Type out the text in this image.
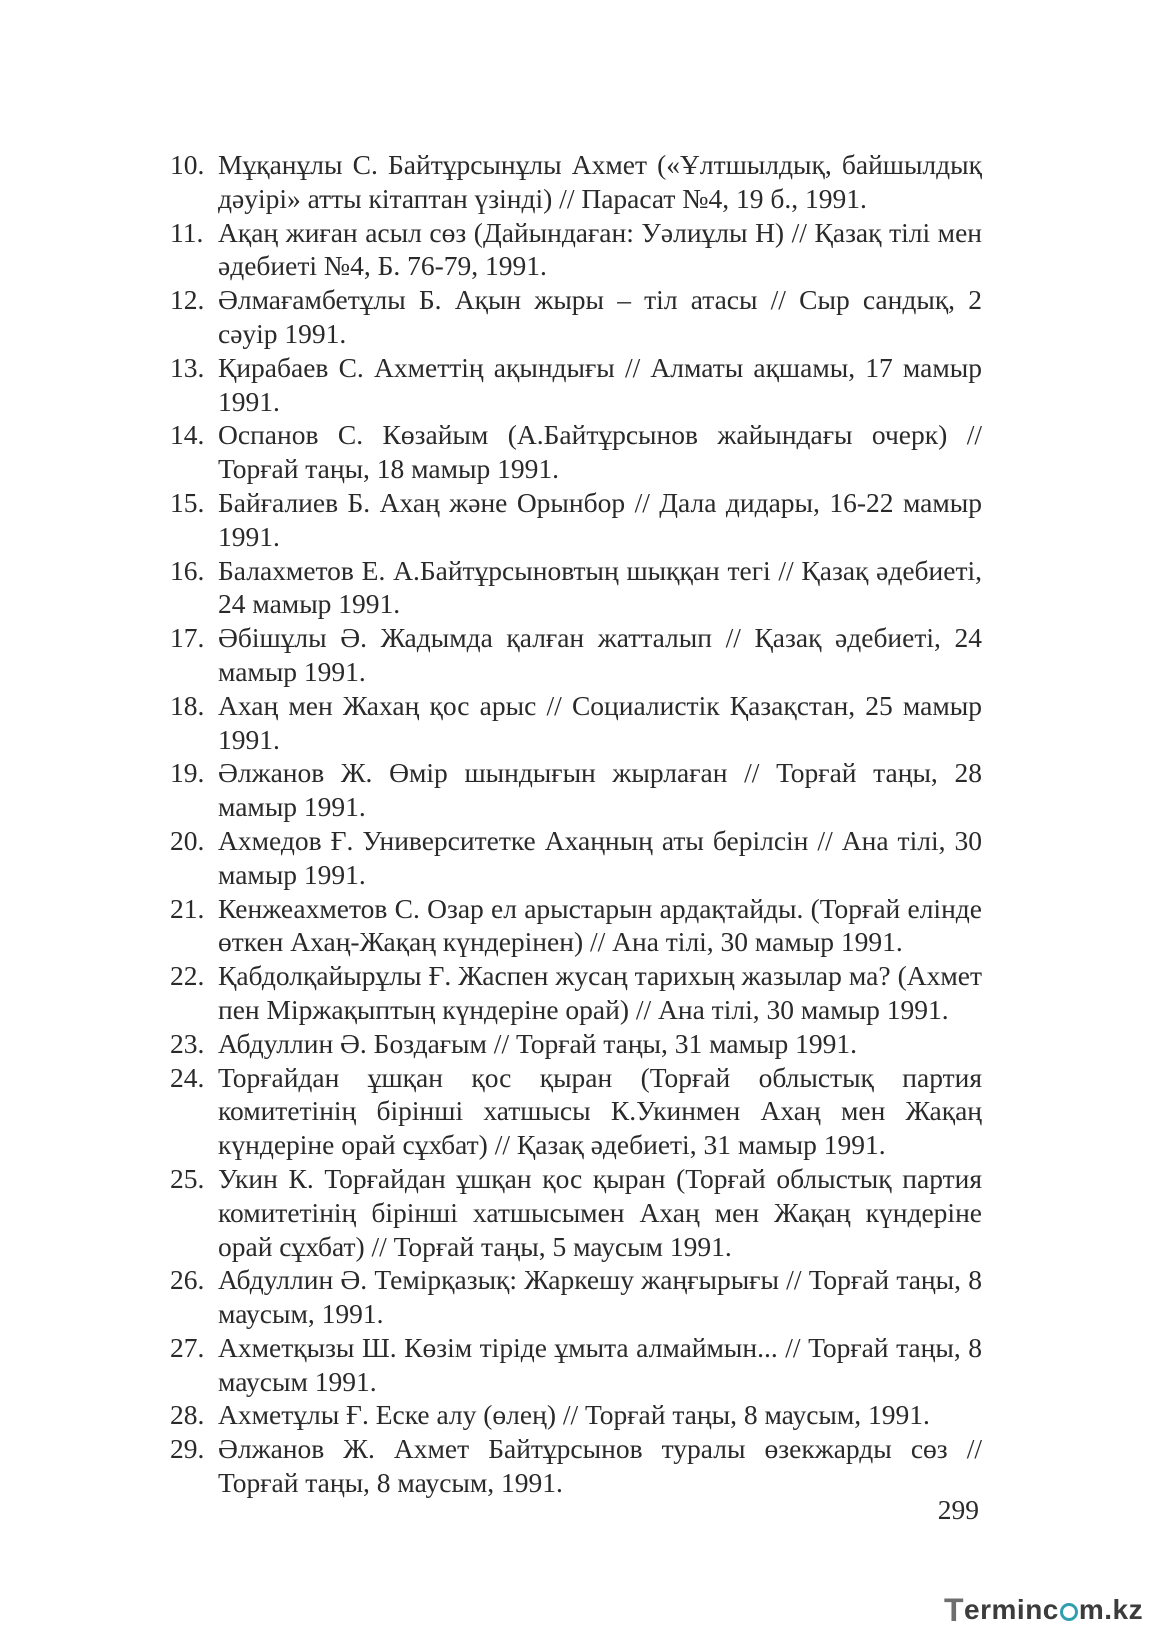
10. Мұқанұлы С. Байтұрсынұлы Ахмет («Ұлтшылдық, байшылдық дәуірі» атты кітаптан үзінді) // Парасат №4, 19 б., 1991.
11. Ақаң жиған асыл сөз (Дайындаған: Уәлиұлы Н) // Қазақ тілі мен әдебиеті №4, Б. 76-79, 1991.
12. Әлмағамбетұлы Б. Ақын жыры – тіл атасы // Сыр сандық, 2 сәуір 1991.
13. Қирабаев С. Ахметтің ақындығы // Алматы ақшамы, 17 мамыр 1991.
14. Оспанов С. Көзайым (А.Байтұрсынов жайындағы очерк) // Торғай таңы, 18 мамыр 1991.
15. Байғалиев Б. Ахаң және Орынбор // Дала дидары, 16-22 мамыр 1991.
16. Балахметов Е. А.Байтұрсыновтың шыққан тегі // Қазақ әдебиеті, 24 мамыр 1991.
17. Әбішұлы Ә. Жадымда қалған жатталып // Қазақ әдебиеті, 24 мамыр 1991.
18. Ахаң мен Жахаң қос арыс // Социалистік Қазақстан, 25 мамыр 1991.
19. Әлжанов Ж. Өмір шындығын жырлаған // Торғай таңы, 28 мамыр 1991.
20. Ахмедов Ғ. Университетке Ахаңның аты берілсін // Ана тілі, 30 мамыр 1991.
21. Кенжеахметов С. Озар ел арыстарын ардақтайды. (Торғай елінде өткен Ахаң-Жақаң күндерінен) // Ана тілі, 30 мамыр 1991.
22. Қабдолқайырұлы Ғ. Жаспен жусаң тарихың жазылар ма? (Ахмет пен Міржақыптың күндеріне орай) // Ана тілі, 30 мамыр 1991.
23. Абдуллин Ә. Боздағым // Торғай таңы, 31 мамыр 1991.
24. Торғайдан ұшқан қос қыран (Торғай облыстық партия комитетінің бірінші хатшысы К.Укинмен Ахаң мен Жақаң күндеріне орай сұхбат) // Қазақ әдебиеті, 31 мамыр 1991.
25. Укин К. Торғайдан ұшқан қос қыран (Торғай облыстық партия комитетінің бірінші хатшысымен Ахаң мен Жақаң күндеріне орай сұхбат) // Торғай таңы, 5 маусым 1991.
26. Абдуллин Ә. Темірқазық: Жаркешу жаңғырығы // Торғай таңы, 8 маусым, 1991.
27. Ахметқызы Ш. Көзім тіріде ұмыта алмаймын... // Торғай таңы, 8 маусым 1991.
28. Ахметұлы Ғ. Еске алу (өлең) // Торғай таңы, 8 маусым, 1991.
29. Әлжанов Ж. Ахмет Байтұрсынов туралы өзекжарды сөз // Торғай таңы, 8 маусым, 1991.
299
T erminc m.kz
